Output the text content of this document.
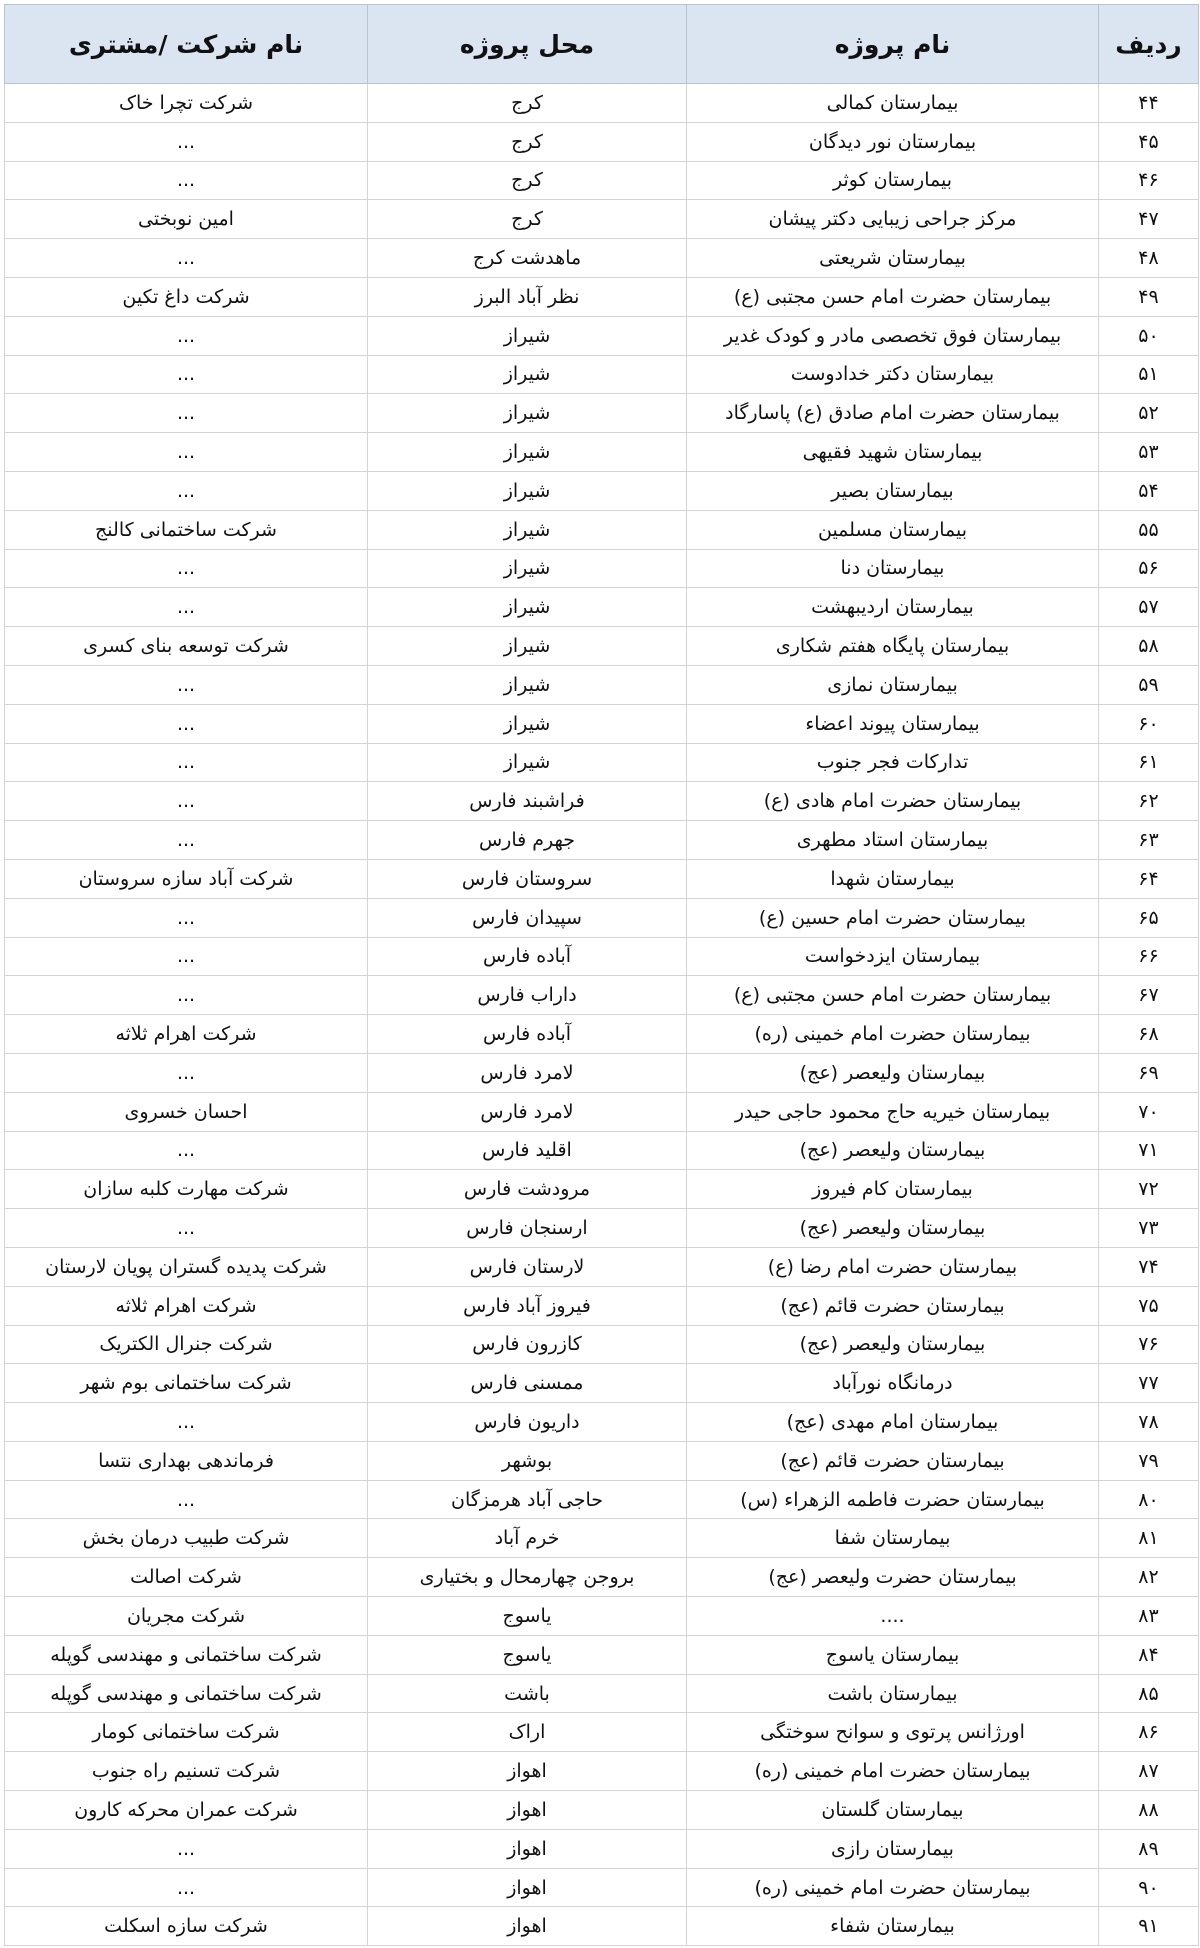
ردیف	نام پروژه	محل پروژه	نام شرکت /مشتری
۴۴	بیمارستان کمالی	کرج	شرکت تچرا خاک
۴۵	بیمارستان نور دیدگان	کرج	...
۴۶	بیمارستان کوثر	کرج	...
۴۷	مرکز جراحی زیبایی دکتر پیشان	کرج	امین نوبختی
۴۸	بیمارستان شریعتی	ماهدشت کرج	...
۴۹	بیمارستان حضرت امام حسن مجتبی (ع)	نظر آباد البرز	شرکت داغ تکین
۵۰	بیمارستان فوق تخصصی مادر و کودک غدیر	شیراز	...
۵۱	بیمارستان دکتر خدادوست	شیراز	...
۵۲	بیمارستان حضرت امام صادق (ع) پاسارگاد	شیراز	...
۵۳	بیمارستان شهید فقیهی	شیراز	...
۵۴	بیمارستان بصیر	شیراز	...
۵۵	بیمارستان مسلمین	شیراز	شرکت ساختمانی کالنج
۵۶	بیمارستان دنا	شیراز	...
۵۷	بیمارستان اردیبهشت	شیراز	...
۵۸	بیمارستان پایگاه هفتم شکاری	شیراز	شرکت توسعه بنای کسری
۵۹	بیمارستان نمازی	شیراز	...
۶۰	بیمارستان پیوند اعضاء	شیراز	...
۶۱	تدارکات فجر جنوب	شیراز	...
۶۲	بیمارستان حضرت امام هادی (ع)	فراشبند فارس	...
۶۳	بیمارستان استاد مطهری	جهرم فارس	...
۶۴	بیمارستان شهدا	سروستان فارس	شرکت آباد سازه سروستان
۶۵	بیمارستان حضرت امام حسین (ع)	سپیدان فارس	...
۶۶	بیمارستان ایزدخواست	آباده فارس	...
۶۷	بیمارستان حضرت امام حسن مجتبی (ع)	داراب فارس	...
۶۸	بیمارستان حضرت امام خمینی (ره)	آباده فارس	شرکت اهرام ثلاثه
۶۹	بیمارستان ولیعصر (عج)	لامرد فارس	...
۷۰	بیمارستان خیریه حاج محمود حاجی حیدر	لامرد فارس	احسان خسروی
۷۱	بیمارستان ولیعصر (عج)	اقلید فارس	...
۷۲	بیمارستان کام فیروز	مرودشت فارس	شرکت مهارت کلبه سازان
۷۳	بیمارستان ولیعصر (عج)	ارسنجان فارس	...
۷۴	بیمارستان حضرت امام رضا (ع)	لارستان فارس	شرکت پدیده گستران پویان لارستان
۷۵	بیمارستان حضرت قائم (عج)	فیروز آباد فارس	شرکت اهرام ثلاثه
۷۶	بیمارستان ولیعصر (عج)	کازرون فارس	شرکت جنرال الکتریک
۷۷	درمانگاه نورآباد	ممسنی فارس	شرکت ساختمانی بوم شهر
۷۸	بیمارستان امام مهدی (عج)	داریون فارس	...
۷۹	بیمارستان حضرت قائم (عج)	بوشهر	فرماندهی بهداری نتسا
۸۰	بیمارستان حضرت فاطمه الزهراء (س)	حاجی آباد هرمزگان	...
۸۱	بیمارستان شفا	خرم آباد	شرکت طبیب درمان بخش
۸۲	بیمارستان حضرت ولیعصر (عج)	بروجن چهارمحال و بختیاری	شرکت اصالت
۸۳	....	یاسوج	شرکت مجریان
۸۴	بیمارستان یاسوج	یاسوج	شرکت ساختمانی و مهندسی گوپله
۸۵	بیمارستان باشت	باشت	شرکت ساختمانی و مهندسی گوپله
۸۶	اورژانس پرتوی و سوانح سوختگی	اراک	شرکت ساختمانی کومار
۸۷	بیمارستان حضرت امام خمینی (ره)	اهواز	شرکت تسنیم راه جنوب
۸۸	بیمارستان گلستان	اهواز	شرکت عمران محرکه کارون
۸۹	بیمارستان رازی	اهواز	...
۹۰	بیمارستان حضرت امام خمینی (ره)	اهواز	...
۹۱	بیمارستان شفاء	اهواز	شرکت سازه اسکلت
